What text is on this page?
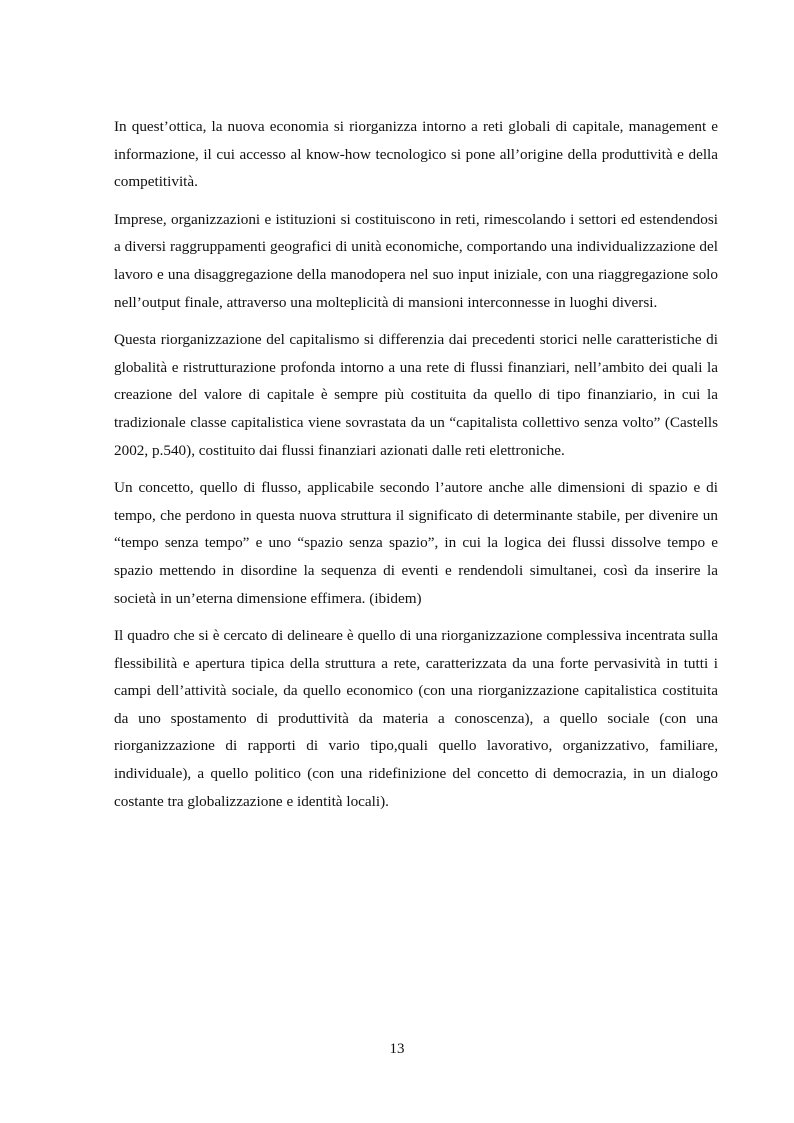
In quest’ottica, la nuova economia si riorganizza intorno a reti globali di capitale, management e informazione, il cui accesso al know-how tecnologico si pone all’origine della produttività e della competitività.

Imprese, organizzazioni e istituzioni si costituiscono in reti, rimescolando i settori ed estendendosi a diversi raggruppamenti geografici di unità economiche, comportando una individualizzazione del lavoro e una disaggregazione della manodopera nel suo input iniziale, con una riaggregazione solo nell’output finale, attraverso una molteplicità di mansioni interconnesse in luoghi diversi.

Questa riorganizzazione del capitalismo si differenzia dai precedenti storici nelle caratteristiche di globalità e ristrutturazione profonda intorno a una rete di flussi finanziari, nell’ambito dei quali la creazione del valore di capitale è sempre più costituita da quello di tipo finanziario, in cui la tradizionale classe capitalistica viene sovrastata da un “capitalista collettivo senza volto” (Castells 2002, p.540), costituito dai flussi finanziari azionati dalle reti elettroniche.

Un concetto, quello di flusso, applicabile secondo l’autore anche alle dimensioni di spazio e di tempo, che perdono in questa nuova struttura il significato di determinante stabile, per divenire un “tempo senza tempo” e uno “spazio senza spazio”, in cui la logica dei flussi dissolve tempo e spazio mettendo in disordine la sequenza di eventi e rendendoli simultanei, così da inserire la società in un’eterna dimensione effimera. (ibidem)

Il quadro che si è cercato di delineare è quello di una riorganizzazione complessiva incentrata sulla flessibilità e apertura tipica della struttura a rete, caratterizzata da una forte pervasività in tutti i campi dell’attività sociale, da quello economico (con una riorganizzazione capitalistica costituita da uno spostamento di produttività da materia a conoscenza), a quello sociale (con una riorganizzazione di rapporti di vario tipo,quali quello lavorativo, organizzativo, familiare, individuale), a quello politico (con una ridefinizione del concetto di democrazia, in un dialogo costante tra globalizzazione e identità locali).

13
